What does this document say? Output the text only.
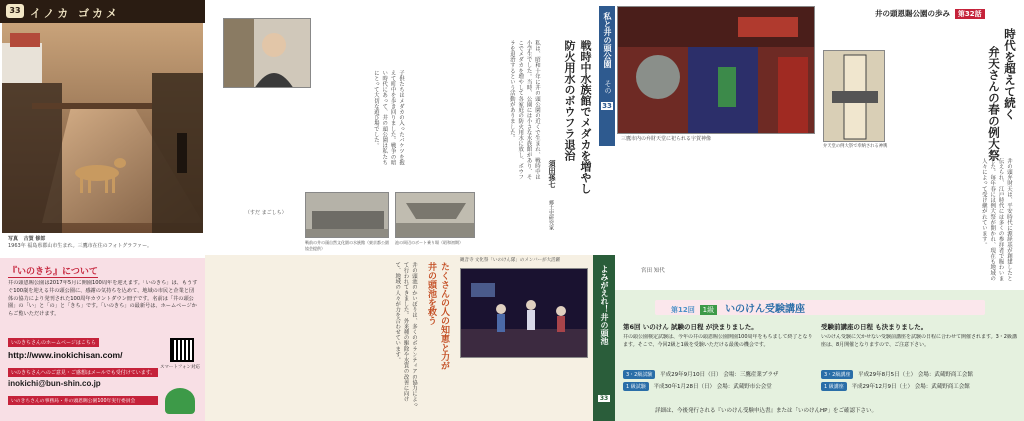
33 イノカ ゴカメ
写真 古賀 修郎
1963年 福島県郡山市生まれ。三鷹市在住のフォトグラファー。
『いのきち』について
井の頭恩賜公園は2017年5月に開園100周年を迎えます。「いのきち」は、もうすぐ100歳を迎える井の頭公園に、感謝の気持ちを込めて、地域の市民と企業と団体の協力により発刊された100周年カウントダウン冊子です。名前は「井の頭公園」の「い」と「の」と「きち」です。「いのきち」の最新号は、ホームページからご覧いただけます。
いのきちさんのホームページはこちら
http://www.inokichisan.com/
スマートフォン対応
いのきちさんへのご意見・ご感想はメールでも受付けています。
inokichi@bun-shin.co.jp
いのきちさんの事務局・井の頭恩賜公園100年実行委員会
私と井の頭公園
その
33
戦時中水族館でメダカを増やし
防火用水のボウフラ退治
須田孫七
郷土史研究家
私は、昭和十年に井の頭公園の近くで生まれ、戦時中は小学生でした。当時、公園には小さな水族館があり、そこでメダカを増やして各家庭の防火用水に放し、ボウフラを退治するという活動がありました。
子供たちはメダカの入ったバケツを抱えて町中を歩き回りました。戦争の暗い時代にあって、井の頭公園は私たちにとって大切な遊び場でした。
（すだ まごしち）
戦前の井の頭自然文化園の水族館（東京都公園協会提供）
池の周辺のボート乗り場（昭和初期）
よみがえれ！井の頭池
33
たくさんの人の知恵と力が
井の頭池を救う
観音寺 文化祭「いのけん隊」のメンバーが大活躍
井の頭池のかいぼりは、多くのボランティアの協力によって行われてきました。外来種の駆除や水質の改善に向けて、地域の人々が力を合わせています。
井の頭恩賜公園の歩み 第32話
時代を超えて続く
弁天さんの春の例大祭
三鷹市内の弁財天堂に祀られる宇賀神像
弁天堂の例大祭で奉納される神輿
井の頭弁財天は、平安時代に源経基が創建したと伝えられ、江戸時代には多くの参拝者で賑わいました。毎年春には例大祭が開かれ、現在も地域の人々によって受け継がれています。
宮田 知代
第12回 1級 いのけん受験講座
第6回 いのけん 試験の日程 が決まりました。
井の頭公園検定試験は、今年の井の頭恩賜公園開園100周年をもちまして終了となります。そこで、今回2級と1級を受験いただける最後の機会です。
3・2級試験 平成29年9月10日（日） 会場：三鷹産業プラザ
1 級試験 平成30年1月28日（日） 会場：武蔵野市公会堂
受験前講座の日程 も決まりました。
いのけん受験に欠かせない受験前講座を試験の日程に合わせて開催されます。3・2級講座は、8月開催となりますので、ご注意下さい。
3・2級講座 平成29年8月5日（土） 会場：武蔵野商工会館
1 級講座 平成29年12月9日（土） 会場：武蔵野商工会館
詳細は、今後発行される『いのけん受験申込書』または「いのけんHP」をご確認下さい。
